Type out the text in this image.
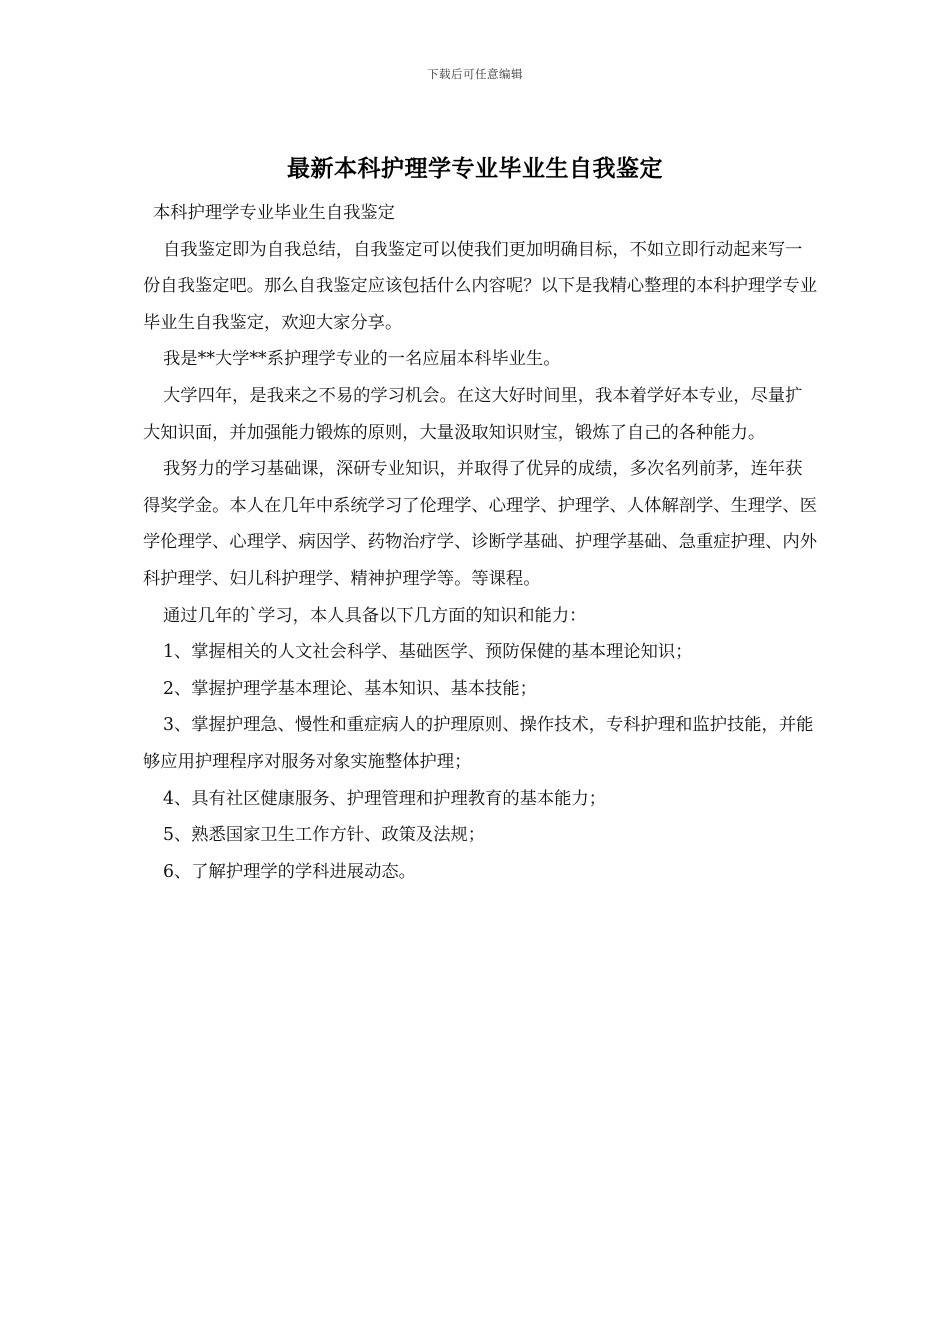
下载后可任意编辑
最新本科护理学专业毕业生自我鉴定

本科护理学专业毕业生自我鉴定

自我鉴定即为自我总结，自我鉴定可以使我们更加明确目标，不如立即行动起来写一份自我鉴定吧。那么自我鉴定应该包括什么内容呢？以下是我精心整理的本科护理学专业毕业生自我鉴定，欢迎大家分享。

我是**大学**系护理学专业的一名应届本科毕业生。

大学四年，是我来之不易的学习机会。在这大好时间里，我本着学好本专业，尽量扩大知识面，并加强能力锻炼的原则，大量汲取知识财宝，锻炼了自己的各种能力。

我努力的学习基础课，深研专业知识，并取得了优异的成绩，多次名列前茅，连年获得奖学金。本人在几年中系统学习了伦理学、心理学、护理学、人体解剖学、生理学、医学伦理学、心理学、病因学、药物治疗学、诊断学基础、护理学基础、急重症护理、内外科护理学、妇儿科护理学、精神护理学等。等课程。

通过几年的`学习，本人具备以下几方面的知识和能力：

1、掌握相关的人文社会科学、基础医学、预防保健的基本理论知识；

2、掌握护理学基本理论、基本知识、基本技能；

3、掌握护理急、慢性和重症病人的护理原则、操作技术，专科护理和监护技能，并能够应用护理程序对服务对象实施整体护理；

4、具有社区健康服务、护理管理和护理教育的基本能力；

5、熟悉国家卫生工作方针、政策及法规；

6、了解护理学的学科进展动态。
